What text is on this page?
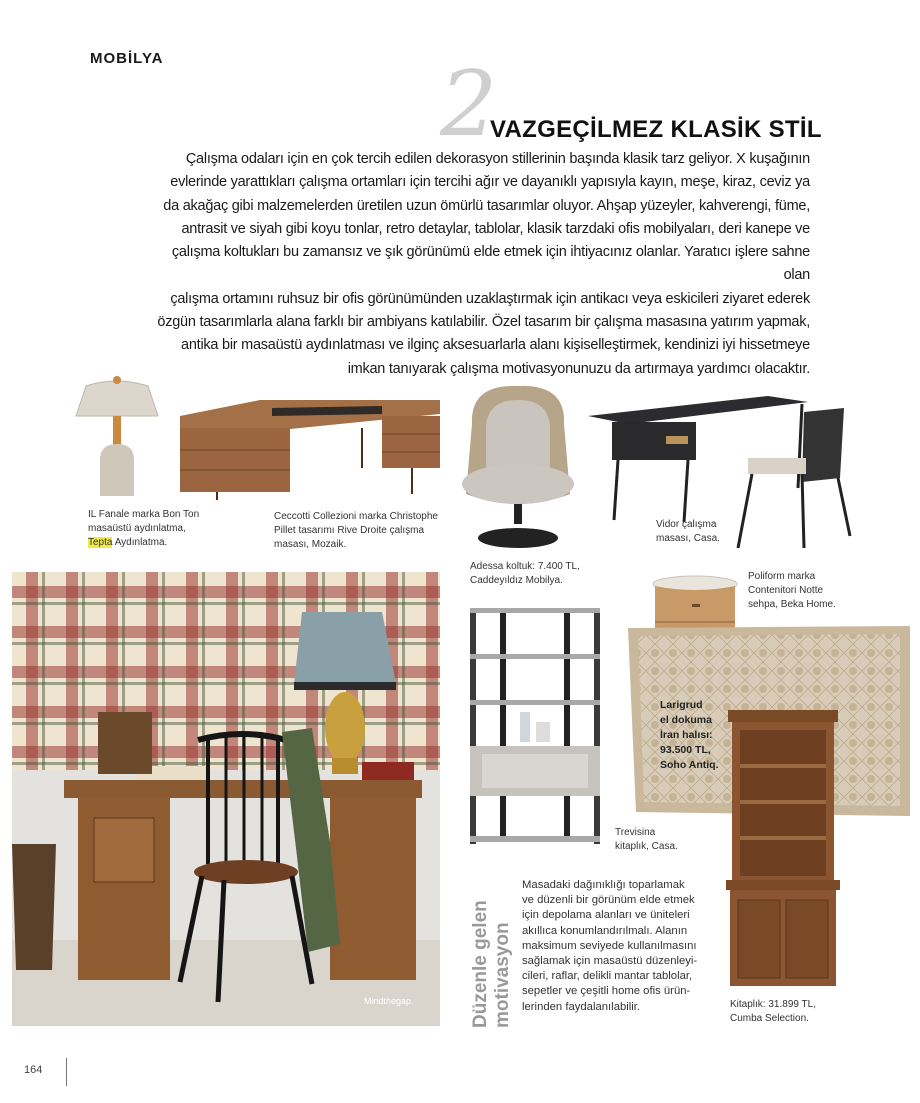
MOBİLYA	2
VAZGEÇİLMEZ KLASİK STİL
Çalışma odaları için en çok tercih edilen dekorasyon stillerinin başında klasik tarz geliyor. X kuşağının
evlerinde yarattıkları çalışma ortamları için tercihi ağır ve dayanıklı yapısıyla kayın, meşe, kiraz, ceviz ya
da akağaç gibi malzemelerden üretilen uzun ömürlü tasarımlar oluyor. Ahşap yüzeyler, kahverengi, füme,
antrasit ve siyah gibi koyu tonlar, retro detaylar, tablolar, klasik tarzdaki ofis mobilyaları, deri kanepe ve
çalışma koltukları bu zamansız ve şık görünümü elde etmek için ihtiyacınız olanlar. Yaratıcı işlere sahne olan
çalışma ortamını ruhsuz bir ofis görünümünden uzaklaştırmak için antikacı veya eskicileri ziyaret ederek
özgün tasarımlarla alana farklı bir ambiyans katılabilir. Özel tasarım bir çalışma masasına yatırım yapmak,
antika bir masaüstü aydınlatması ve ilginç aksesuarlarla alanı kişiselleştirmek, kendinizi iyi hissetmeye
imkan tanıyarak çalışma motivasyonunuzu da artırmaya yardımcı olacaktır.
IL Fanale marka Bon Ton
masaüstü aydınlatma,
Tepta Aydınlatma.
Ceccotti Collezioni marka Christophe
Pillet tasarımı Rive Droite çalışma
masası, Mozaik.
Adessa koltuk: 7.400 TL,
Caddeyıldız Mobilya.
Vidor çalışma
masası, Casa.
Mindthegap.
Trevisina
kitaplık, Casa.
Poliform marka
Contenitori Notte
sehpa, Beka Home.
Larigrud
el dokuma
İran halısı:
93.500 TL,
Soho Antiq.
Kitaplık: 31.899 TL,
Cumba Selection.
Düzenle gelen motivasyon
Masadaki dağınıklığı toparlamak
ve düzenli bir görünüm elde etmek
için depolama alanları ve üniteleri
akıllıca konumlandırılmalı. Alanın
maksimum seviyede kullanılmasını
sağlamak için masaüstü düzenleyi-
cileri, raflar, delikli mantar tablolar,
sepetler ve çeşitli home ofis ürün-
lerinden faydalanılabilir.
164
